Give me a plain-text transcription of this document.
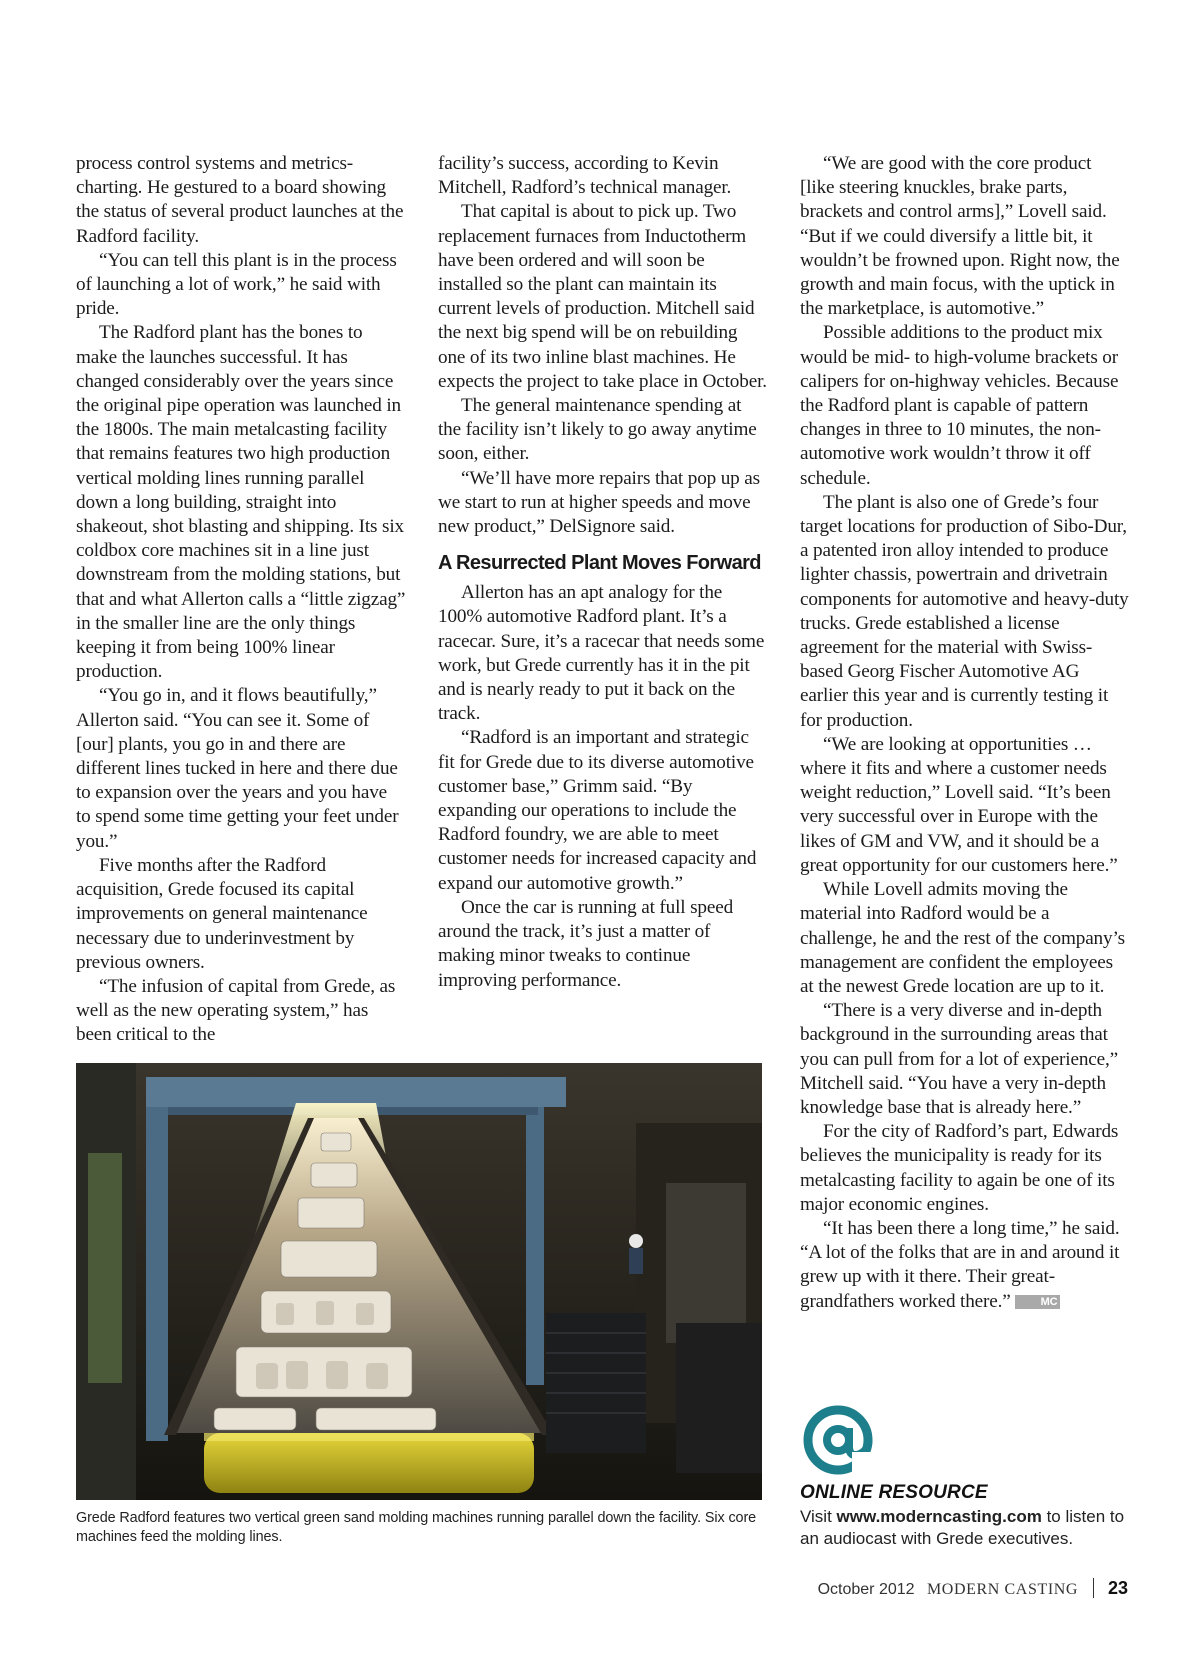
process control systems and metrics-charting. He gestured to a board showing the status of several product launches at the Radford facility.

“You can tell this plant is in the process of launching a lot of work,” he said with pride.

The Radford plant has the bones to make the launches successful. It has changed considerably over the years since the original pipe operation was launched in the 1800s. The main metalcasting facility that remains features two high production vertical molding lines running parallel down a long building, straight into shakeout, shot blasting and shipping. Its six coldbox core machines sit in a line just downstream from the molding stations, but that and what Allerton calls a “little zigzag” in the smaller line are the only things keeping it from being 100% linear production.

“You go in, and it flows beautifully,” Allerton said. “You can see it. Some of [our] plants, you go in and there are different lines tucked in here and there due to expansion over the years and you have to spend some time getting your feet under you.”

Five months after the Radford acquisition, Grede focused its capital improvements on general maintenance necessary due to underinvestment by previous owners.

“The infusion of capital from Grede, as well as the new operating system,” has been critical to the

facility’s success, according to Kevin Mitchell, Radford’s technical manager.

That capital is about to pick up. Two replacement furnaces from Inductotherm have been ordered and will soon be installed so the plant can maintain its current levels of production. Mitchell said the next big spend will be on rebuilding one of its two inline blast machines. He expects the project to take place in October.

The general maintenance spending at the facility isn’t likely to go away anytime soon, either.

“We’ll have more repairs that pop up as we start to run at higher speeds and move new product,” DelSignore said.

A Resurrected Plant Moves Forward

Allerton has an apt analogy for the 100% automotive Radford plant. It’s a racecar. Sure, it’s a racecar that needs some work, but Grede currently has it in the pit and is nearly ready to put it back on the track.

“Radford is an important and strategic fit for Grede due to its diverse automotive customer base,” Grimm said. “By expanding our operations to include the Radford foundry, we are able to meet customer needs for increased capacity and expand our automotive growth.”

Once the car is running at full speed around the track, it’s just a matter of making minor tweaks to continue improving performance.

“We are good with the core product [like steering knuckles, brake parts, brackets and control arms],” Lovell said. “But if we could diversify a little bit, it wouldn’t be frowned upon. Right now, the growth and main focus, with the uptick in the marketplace, is automotive.”

Possible additions to the product mix would be mid- to high-volume brackets or calipers for on-highway vehicles. Because the Radford plant is capable of pattern changes in three to 10 minutes, the non-automotive work wouldn’t throw it off schedule.

The plant is also one of Grede’s four target locations for production of Sibo-Dur, a patented iron alloy intended to produce lighter chassis, powertrain and drivetrain components for automotive and heavy-duty trucks. Grede established a license agreement for the material with Swiss-based Georg Fischer Automotive AG earlier this year and is currently testing it for production.

“We are looking at opportunities … where it fits and where a customer needs weight reduction,” Lovell said. “It’s been very successful over in Europe with the likes of GM and VW, and it should be a great opportunity for our customers here.”

While Lovell admits moving the material into Radford would be a challenge, he and the rest of the company’s management are confident the employees at the newest Grede location are up to it.

“There is a very diverse and in-depth background in the surrounding areas that you can pull from for a lot of experience,” Mitchell said. “You have a very in-depth knowledge base that is already here.”

For the city of Radford’s part, Edwards believes the municipality is ready for its metalcasting facility to again be one of its major economic engines.

“It has been there a long time,” he said. “A lot of the folks that are in and around it grew up with it there. Their great-grandfathers worked there.”	MC

Grede Radford features two vertical green sand molding machines running parallel down the facility. Six core machines feed the molding lines.
ONLINE RESOURCE
Visit www.moderncasting.com to listen to an audiocast with Grede executives.
October 2012 MODERN CASTING 23
